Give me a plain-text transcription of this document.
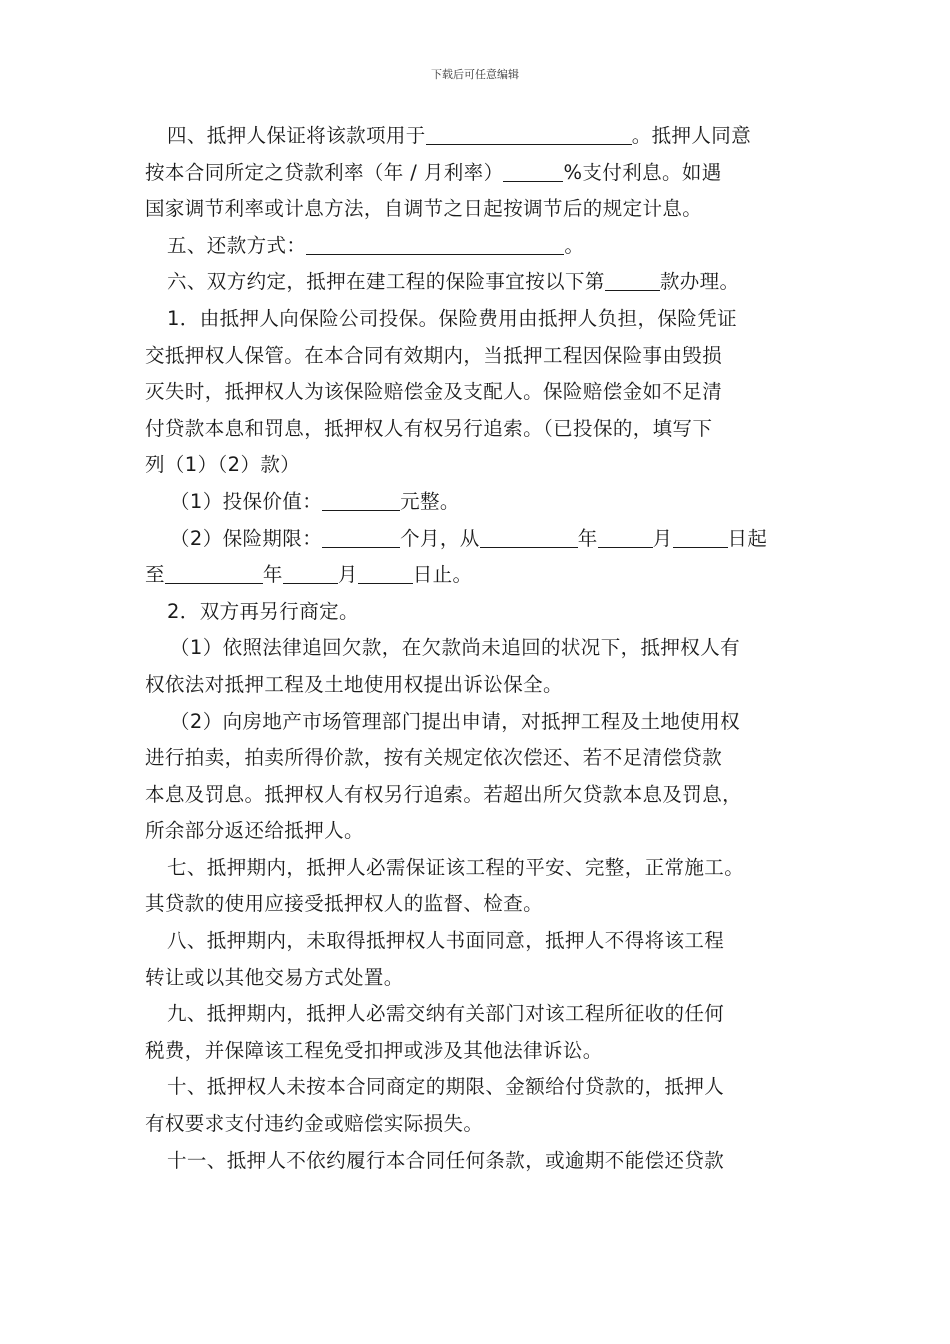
下载后可任意编辑
四、抵押人保证将该款项用于	。抵押人同意
按本合同所定之贷款利率（年 / 月利率）	%支付利息。如遇
国家调节利率或计息方法，自调节之日起按调节后的规定计息。
五、还款方式：	。
六、双方约定，抵押在建工程的保险事宜按以下第	款办理。
1．由抵押人向保险公司投保。保险费用由抵押人负担，保险凭证
交抵押权人保管。在本合同有效期内，当抵押工程因保险事由毁损
灭失时，抵押权人为该保险赔偿金及支配人。保险赔偿金如不足清
付贷款本息和罚息，抵押权人有权另行追索。（已投保的，填写下
列（1）（2）款）
（1）投保价值：	元整。
（2）保险期限：	个月，从	年	月	日起
至	年	月	日止。
2．双方再另行商定。
（1）依照法律追回欠款，在欠款尚未追回的状况下，抵押权人有
权依法对抵押工程及土地使用权提出诉讼保全。
（2）向房地产市场管理部门提出申请，对抵押工程及土地使用权
进行拍卖，拍卖所得价款，按有关规定依次偿还、若不足清偿贷款
本息及罚息。抵押权人有权另行追索。若超出所欠贷款本息及罚息，
所余部分返还给抵押人。
七、抵押期内，抵押人必需保证该工程的平安、完整，正常施工。
其贷款的使用应接受抵押权人的监督、检查。
八、抵押期内，未取得抵押权人书面同意，抵押人不得将该工程
转让或以其他交易方式处置。
九、抵押期内，抵押人必需交纳有关部门对该工程所征收的任何
税费，并保障该工程免受扣押或涉及其他法律诉讼。
十、抵押权人未按本合同商定的期限、金额给付贷款的，抵押人
有权要求支付违约金或赔偿实际损失。
十一、抵押人不依约履行本合同任何条款，或逾期不能偿还贷款
